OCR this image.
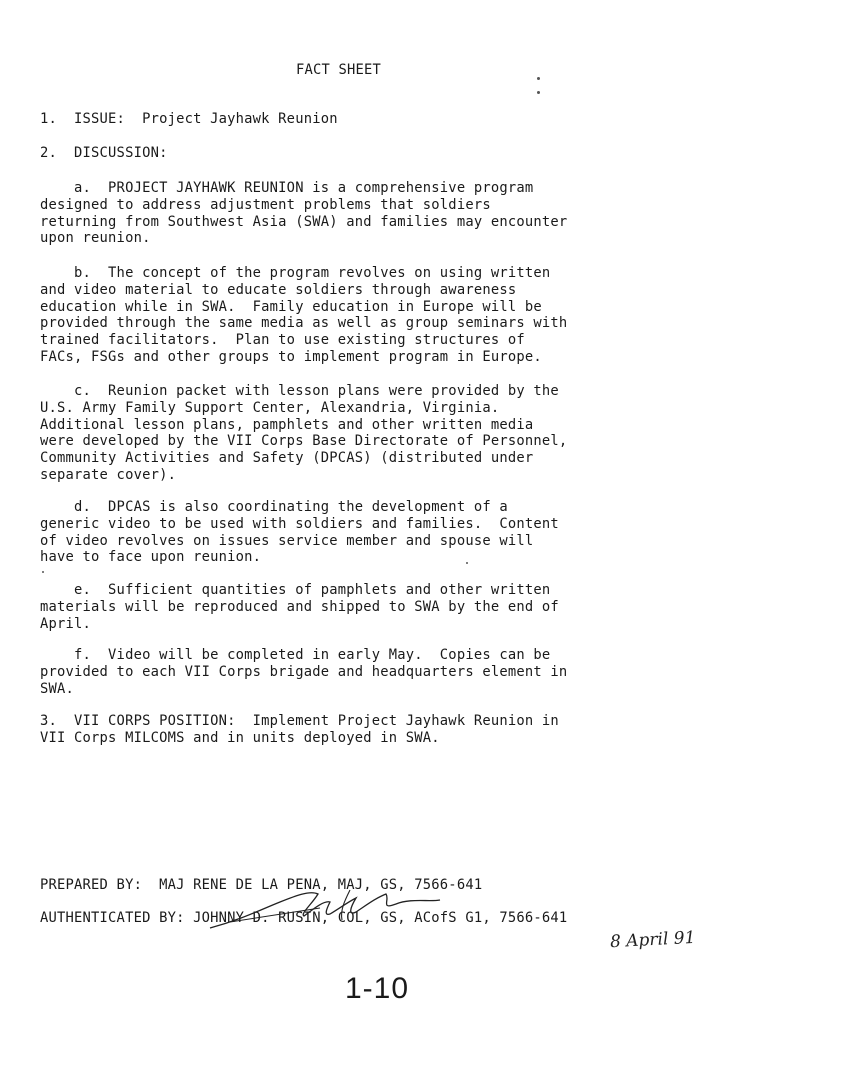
FACT SHEET
1.  ISSUE:  Project Jayhawk Reunion
2.  DISCUSSION:
a.  PROJECT JAYHAWK REUNION is a comprehensive program
designed to address adjustment problems that soldiers
returning from Southwest Asia (SWA) and families may encounter
upon reunion.
b.  The concept of the program revolves on using written
and video material to educate soldiers through awareness
education while in SWA.  Family education in Europe will be
provided through the same media as well as group seminars with
trained facilitators.  Plan to use existing structures of
FACs, FSGs and other groups to implement program in Europe.
c.  Reunion packet with lesson plans were provided by the
U.S. Army Family Support Center, Alexandria, Virginia.
Additional lesson plans, pamphlets and other written media
were developed by the VII Corps Base Directorate of Personnel,
Community Activities and Safety (DPCAS) (distributed under
separate cover).
d.  DPCAS is also coordinating the development of a
generic video to be used with soldiers and families.  Content
of video revolves on issues service member and spouse will
have to face upon reunion.
e.  Sufficient quantities of pamphlets and other written
materials will be reproduced and shipped to SWA by the end of
April.
f.  Video will be completed in early May.  Copies can be
provided to each VII Corps brigade and headquarters element in
SWA.
3.  VII CORPS POSITION:  Implement Project Jayhawk Reunion in
VII Corps MILCOMS and in units deployed in SWA.
PREPARED BY:  MAJ RENE DE LA PENA, MAJ, GS, 7566-641
AUTHENTICATED BY: JOHNNY D. RUSIN, COL, GS, ACofS G1, 7566-641
8 April 91
1-10
